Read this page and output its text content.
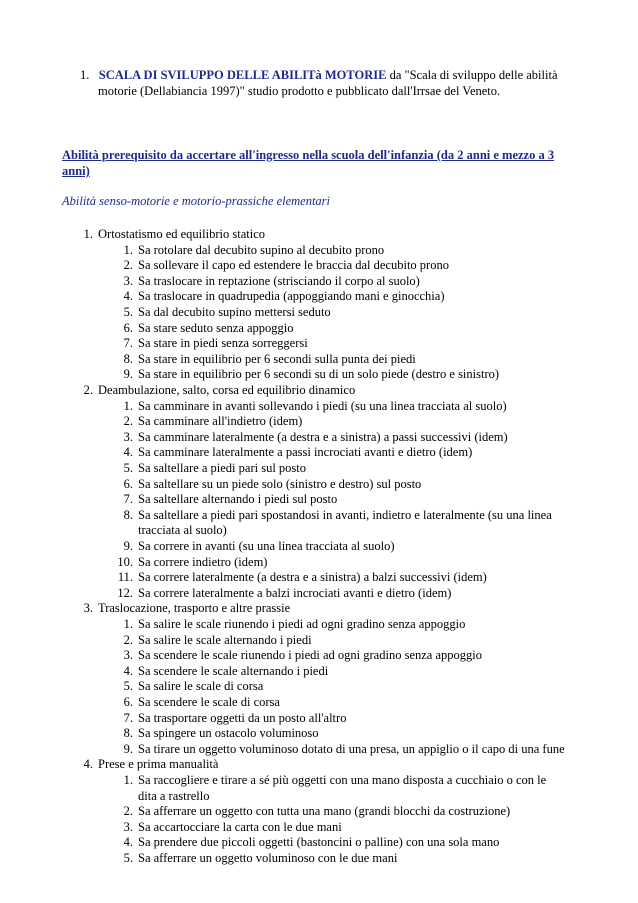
1. SCALA DI SVILUPPO DELLE ABILITà MOTORIE da "Scala di sviluppo delle abilità
motorie (Dellabiancia 1997)" studio prodotto e pubblicato dall'Irrsae del Veneto.
Abilità prerequisito da accertare all'ingresso nella scuola dell'infanzia (da 2 anni e mezzo a 3
anni)
Abilità senso-motorie e motorio-prassiche elementari
1. Ortostatismo ed equilibrio statico
1. Sa rotolare dal decubito supino al decubito prono
2. Sa sollevare il capo ed estendere le braccia dal decubito prono
3. Sa traslocare in reptazione (strisciando il corpo al suolo)
4. Sa traslocare in quadrupedia (appoggiando mani e ginocchia)
5. Sa dal decubito supino mettersi seduto
6. Sa stare seduto senza appoggio
7. Sa stare in piedi senza sorreggersi
8. Sa stare in equilibrio per 6 secondi sulla punta dei piedi
9. Sa stare in equilibrio per 6 secondi su di un solo piede (destro e sinistro)
2. Deambulazione, salto, corsa ed equilibrio dinamico
1. Sa camminare in avanti sollevando i piedi (su una linea tracciata al suolo)
2. Sa camminare all'indietro (idem)
3. Sa camminare lateralmente (a destra e a sinistra) a passi successivi (idem)
4. Sa camminare lateralmente a passi incrociati avanti e dietro (idem)
5. Sa saltellare a piedi pari sul posto
6. Sa saltellare su un piede solo (sinistro e destro) sul posto
7. Sa saltellare alternando i piedi sul posto
8. Sa saltellare a piedi pari spostandosi in avanti, indietro e lateralmente (su una linea
tracciata al suolo)
9. Sa correre in avanti (su una linea tracciata al suolo)
10. Sa correre indietro (idem)
11. Sa correre lateralmente (a destra e a sinistra) a balzi successivi (idem)
12. Sa correre lateralmente a balzi incrociati avanti e dietro (idem)
3. Traslocazione, trasporto e altre prassie
1. Sa salire le scale riunendo i piedi ad ogni gradino senza appoggio
2. Sa salire le scale alternando i piedi
3. Sa scendere le scale riunendo i piedi ad ogni gradino senza appoggio
4. Sa scendere le scale alternando i piedi
5. Sa salire le scale di corsa
6. Sa scendere le scale di corsa
7. Sa trasportare oggetti da un posto all'altro
8. Sa spingere un ostacolo voluminoso
9. Sa tirare un oggetto voluminoso dotato di una presa, un appiglio o il capo di una fune
4. Prese e prima manualità
1. Sa raccogliere e tirare a sé più oggetti con una mano disposta a cucchiaio o con le
dita a rastrello
2. Sa afferrare un oggetto con tutta una mano (grandi blocchi da costruzione)
3. Sa accartocciare la carta con le due mani
4. Sa prendere due piccoli oggetti (bastoncini o palline) con una sola mano
5. Sa afferrare un oggetto voluminoso con le due mani
